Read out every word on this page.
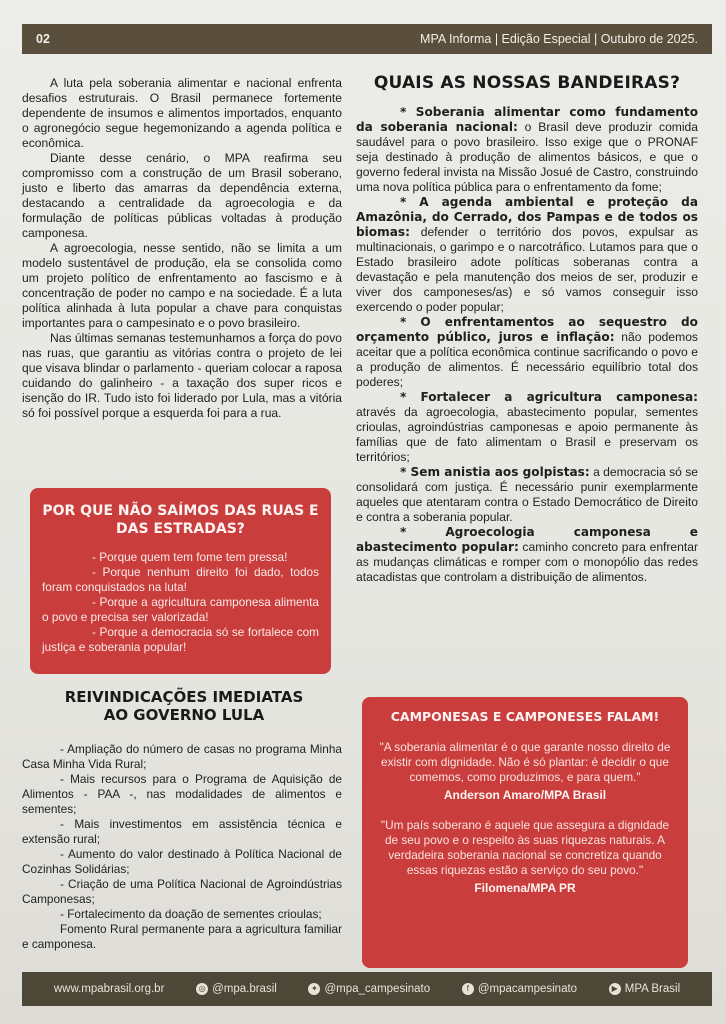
02	MPA Informa | Edição Especial | Outubro de 2025.

A luta pela soberania alimentar e nacional enfrenta desafios estruturais. O Brasil permanece fortemente dependente de insumos e alimentos importados, enquanto o agronegócio segue hegemonizando a agenda política e econômica.

Diante desse cenário, o MPA reafirma seu compromisso com a construção de um Brasil soberano, justo e liberto das amarras da dependência externa, destacando a centralidade da agroecologia e da formulação de políticas públicas voltadas à produção camponesa.

A agroecologia, nesse sentido, não se limita a um modelo sustentável de produção, ela se consolida como um projeto político de enfrentamento ao fascismo e à concentração de poder no campo e na sociedade. É a luta política alinhada à luta popular a chave para conquistas importantes para o campesinato e o povo brasileiro.

Nas últimas semanas testemunhamos a força do povo nas ruas, que garantiu as vitórias contra o projeto de lei que visava blindar o parlamento - queriam colocar a raposa cuidando do galinheiro - a taxação dos super ricos e isenção do IR. Tudo isto foi liderado por Lula, mas a vitória só foi possível porque a esquerda foi para a rua.

POR QUE NÃO SAÍMOS DAS RUAS E DAS ESTRADAS?
- Porque quem tem fome tem pressa!
- Porque nenhum direito foi dado, todos foram conquistados na luta!
- Porque a agricultura camponesa alimenta o povo e precisa ser valorizada!
- Porque a democracia só se fortalece com justiça e soberania popular!
REIVINDICAÇÕES IMEDIATAS
AO GOVERNO LULA
- Ampliação do número de casas no programa Minha Casa Minha Vida Rural;
- Mais recursos para o Programa de Aquisição de Alimentos - PAA -, nas modalidades de alimentos e sementes;
- Mais investimentos em assistência técnica e extensão rural;
- Aumento do valor destinado à Política Nacional de Cozinhas Solidárias;
- Criação de uma Política Nacional de Agroindústrias Camponesas;
- Fortalecimento da doação de sementes crioulas;
Fomento Rural permanente para a agricultura familiar e camponesa.
QUAIS AS NOSSAS BANDEIRAS?
* Soberania alimentar como fundamento da soberania nacional: o Brasil deve produzir comida saudável para o povo brasileiro. Isso exige que o PRONAF seja destinado à produção de alimentos básicos, e que o governo federal invista na Missão Josué de Castro, construindo uma nova política pública para o enfrentamento da fome;
* A agenda ambiental e proteção da Amazônia, do Cerrado, dos Pampas e de todos os biomas: defender o território dos povos, expulsar as multinacionais, o garimpo e o narcotráfico. Lutamos para que o Estado brasileiro adote políticas soberanas contra a devastação e pela manutenção dos meios de ser, produzir e viver dos camponeses/as) e só vamos conseguir isso exercendo o poder popular;
* O enfrentamentos ao sequestro do orçamento público, juros e inflação: não podemos aceitar que a política econômica continue sacrificando o povo e a produção de alimentos. É necessário equilíbrio total dos poderes;
* Fortalecer a agricultura camponesa: através da agroecologia, abastecimento popular, sementes crioulas, agroindústrias camponesas e apoio permanente às famílias que de fato alimentam o Brasil e preservam os territórios;
* Sem anistia aos golpistas: a democracia só se consolidará com justiça. É necessário punir exemplarmente aqueles que atentaram contra o Estado Democrático de Direito e contra a soberania popular.
* Agroecologia camponesa e abastecimento popular: caminho concreto para enfrentar as mudanças climáticas e romper com o monopólio das redes atacadistas que controlam a distribuição de alimentos.
CAMPONESAS E CAMPONESES FALAM!
"A soberania alimentar é o que garante nosso direito de existir com dignidade. Não é só plantar: é decidir o que comemos, como produzimos, e para quem."
Anderson Amaro/MPA Brasil
"Um país soberano é aquele que assegura a dignidade de seu povo e o respeito às suas riquezas naturais. A verdadeira soberania nacional se concretiza quando essas riquezas estão a serviço do seu povo."
Filomena/MPA PR
www.mpabrasil.org.br	◎ @mpa.brasil	✦ @mpa_campesinato	f @mpacampesinato	▶ MPA Brasil
